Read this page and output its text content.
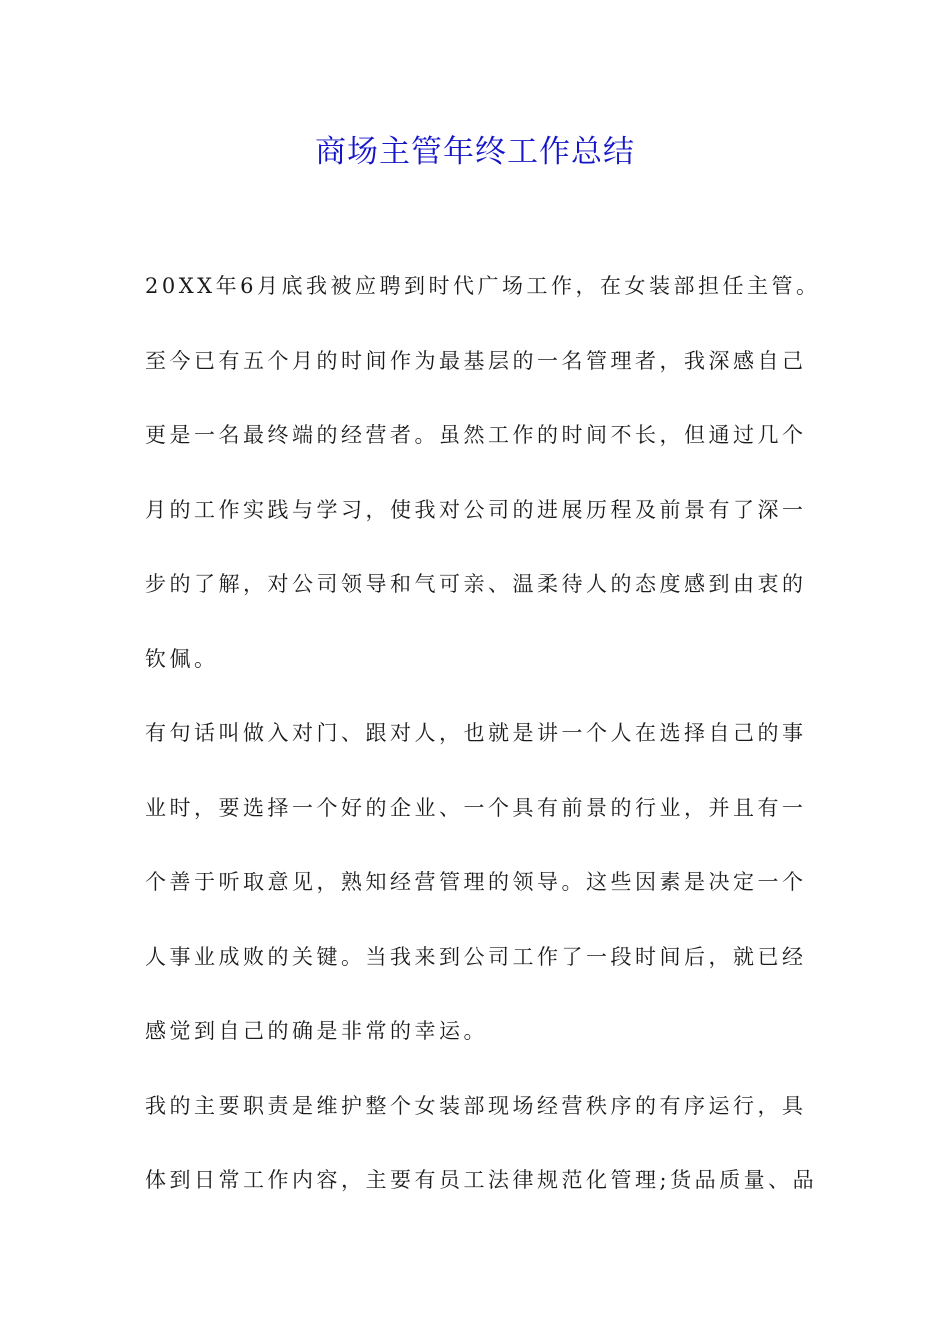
商场主管年终工作总结
20XX年6月底我被应聘到时代广场工作，在女装部担任主管。
至今已有五个月的时间作为最基层的一名管理者，我深感自己
更是一名最终端的经营者。虽然工作的时间不长，但通过几个
月的工作实践与学习，使我对公司的进展历程及前景有了深一
步的了解，对公司领导和气可亲、温柔待人的态度感到由衷的
钦佩。
有句话叫做入对门、跟对人，也就是讲一个人在选择自己的事
业时，要选择一个好的企业、一个具有前景的行业，并且有一
个善于听取意见，熟知经营管理的领导。这些因素是决定一个
人事业成败的关键。当我来到公司工作了一段时间后，就已经
感觉到自己的确是非常的幸运。
我的主要职责是维护整个女装部现场经营秩序的有序运行，具
体到日常工作内容，主要有员工法律规范化管理;货品质量、品
